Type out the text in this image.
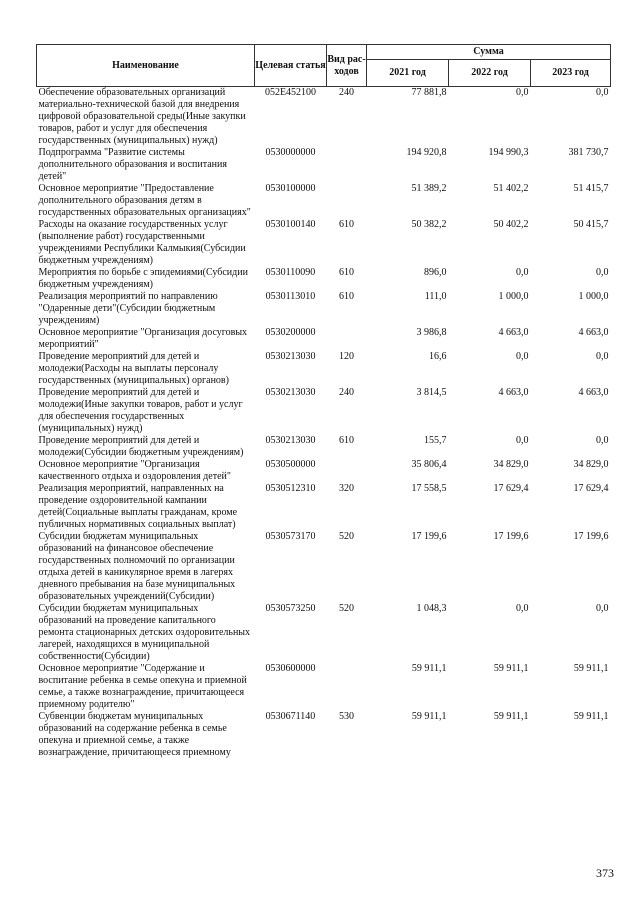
Наименование	Целевая статья	Вид рас-ходов	Сумма		
			2021 год	2022 год	2023 год
Обеспечение образовательных организаций материально-технической базой для внедрения цифровой образовательной среды(Иные закупки товаров, работ и услуг для обеспечения государственных (муниципальных) нужд)	052E452100	240	77 881,8	0,0	0,0
Подпрограмма "Развитие системы дополнительного образования и воспитания детей"	0530000000		194 920,8	194 990,3	381 730,7
Основное мероприятие "Предоставление дополнительного образования детям в государственных образовательных организациях"	0530100000		51 389,2	51 402,2	51 415,7
Расходы на оказание государственных услуг (выполнение работ) государственными учреждениями Республики Калмыкия(Субсидии бюджетным учреждениям)	0530100140	610	50 382,2	50 402,2	50 415,7
Мероприятия по борьбе с эпидемиями(Субсидии бюджетным учреждениям)	0530110090	610	896,0	0,0	0,0
Реализация мероприятий по направлению "Одаренные дети"(Субсидии бюджетным учреждениям)	0530113010	610	111,0	1 000,0	1 000,0
Основное мероприятие "Организация досуговых мероприятий"	0530200000		3 986,8	4 663,0	4 663,0
Проведение мероприятий для детей и молодежи(Расходы на выплаты персоналу государственных (муниципальных) органов)	0530213030	120	16,6	0,0	0,0
Проведение мероприятий для детей и молодежи(Иные закупки товаров, работ и услуг для обеспечения государственных (муниципальных) нужд)	0530213030	240	3 814,5	4 663,0	4 663,0
Проведение мероприятий для детей и молодежи(Субсидии бюджетным учреждениям)	0530213030	610	155,7	0,0	0,0
Основное мероприятие "Организация качественного отдыха и оздоровления детей"	0530500000		35 806,4	34 829,0	34 829,0
Реализация мероприятий, направленных на проведение оздоровительной кампании детей(Социальные выплаты гражданам, кроме публичных нормативных социальных выплат)	0530512310	320	17 558,5	17 629,4	17 629,4
Субсидии бюджетам муниципальных образований на финансовое обеспечение государственных полномочий по организации отдыха детей в каникулярное время в лагерях дневного пребывания на базе муниципальных образовательных учреждений(Субсидии)	0530573170	520	17 199,6	17 199,6	17 199,6
Субсидии бюджетам муниципальных образований на проведение капитального ремонта стационарных детских оздоровительных лагерей, находящихся в муниципальной собственности(Субсидии)	0530573250	520	1 048,3	0,0	0,0
Основное мероприятие "Содержание и воспитание ребенка в семье опекуна и приемной семье, а также вознаграждение, причитающееся приемному родителю"	0530600000		59 911,1	59 911,1	59 911,1
Субвенции бюджетам муниципальных образований на содержание ребенка в семье опекуна и приемной семье, а также вознаграждение, причитающееся приемному	0530671140	530	59 911,1	59 911,1	59 911,1
373
